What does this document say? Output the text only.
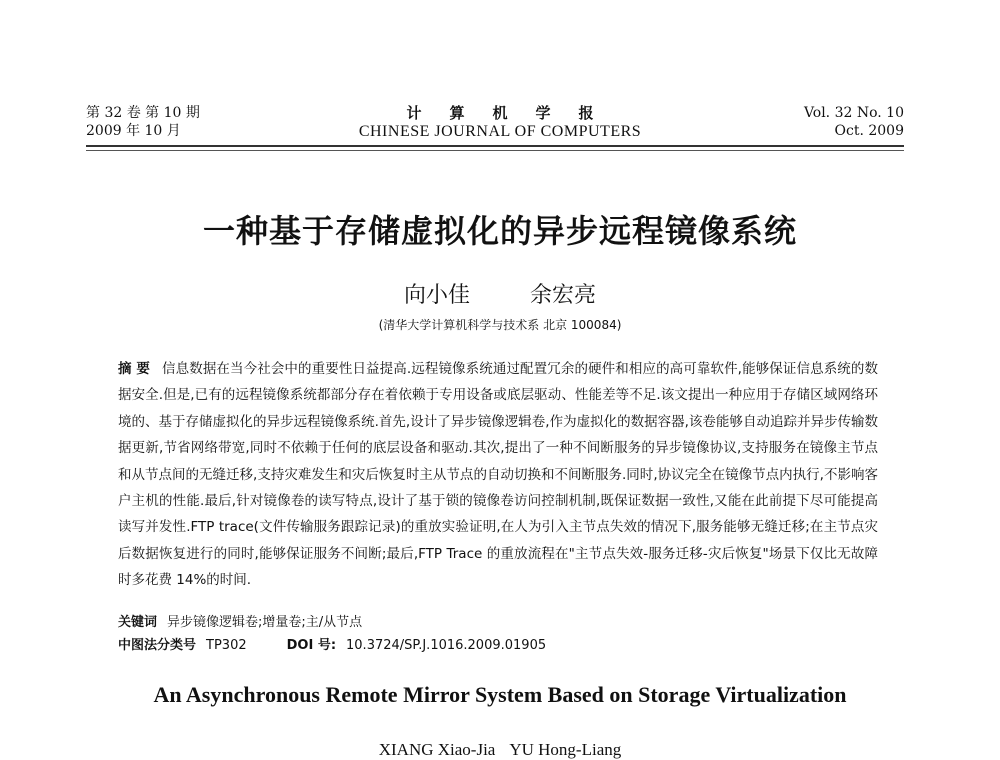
第 32 卷 第 10 期
2009 年 10 月
计算机学报
CHINESE JOURNAL OF COMPUTERS
Vol. 32 No. 10
Oct. 2009
一种基于存储虚拟化的异步远程镜像系统
向小佳	余宏亮
(清华大学计算机科学与技术系 北京 100084)
摘 要 信息数据在当今社会中的重要性日益提高.远程镜像系统通过配置冗余的硬件和相应的高可靠软件,能够保证信息系统的数据安全.但是,已有的远程镜像系统都部分存在着依赖于专用设备或底层驱动、性能差等不足.该文提出一种应用于存储区域网络环境的、基于存储虚拟化的异步远程镜像系统.首先,设计了异步镜像逻辑卷,作为虚拟化的数据容器,该卷能够自动追踪并异步传输数据更新,节省网络带宽,同时不依赖于任何的底层设备和驱动.其次,提出了一种不间断服务的异步镜像协议,支持服务在镜像主节点和从节点间的无缝迁移,支持灾难发生和灾后恢复时主从节点的自动切换和不间断服务.同时,协议完全在镜像节点内执行,不影响客户主机的性能.最后,针对镜像卷的读写特点,设计了基于锁的镜像卷访问控制机制,既保证数据一致性,又能在此前提下尽可能提高读写并发性.FTP trace(文件传输服务跟踪记录)的重放实验证明,在人为引入主节点失效的情况下,服务能够无缝迁移;在主节点灾后数据恢复进行的同时,能够保证服务不间断;最后,FTP Trace 的重放流程在"主节点失效-服务迁移-灾后恢复"场景下仅比无故障时多花费 14%的时间.
关键词 异步镜像逻辑卷;增量卷;主/从节点
中图法分类号 TP302	DOI 号: 10.3724/SP.J.1016.2009.01905
An Asynchronous Remote Mirror System Based on Storage Virtualization
XIANG Xiao-Jia YU Hong-Liang
